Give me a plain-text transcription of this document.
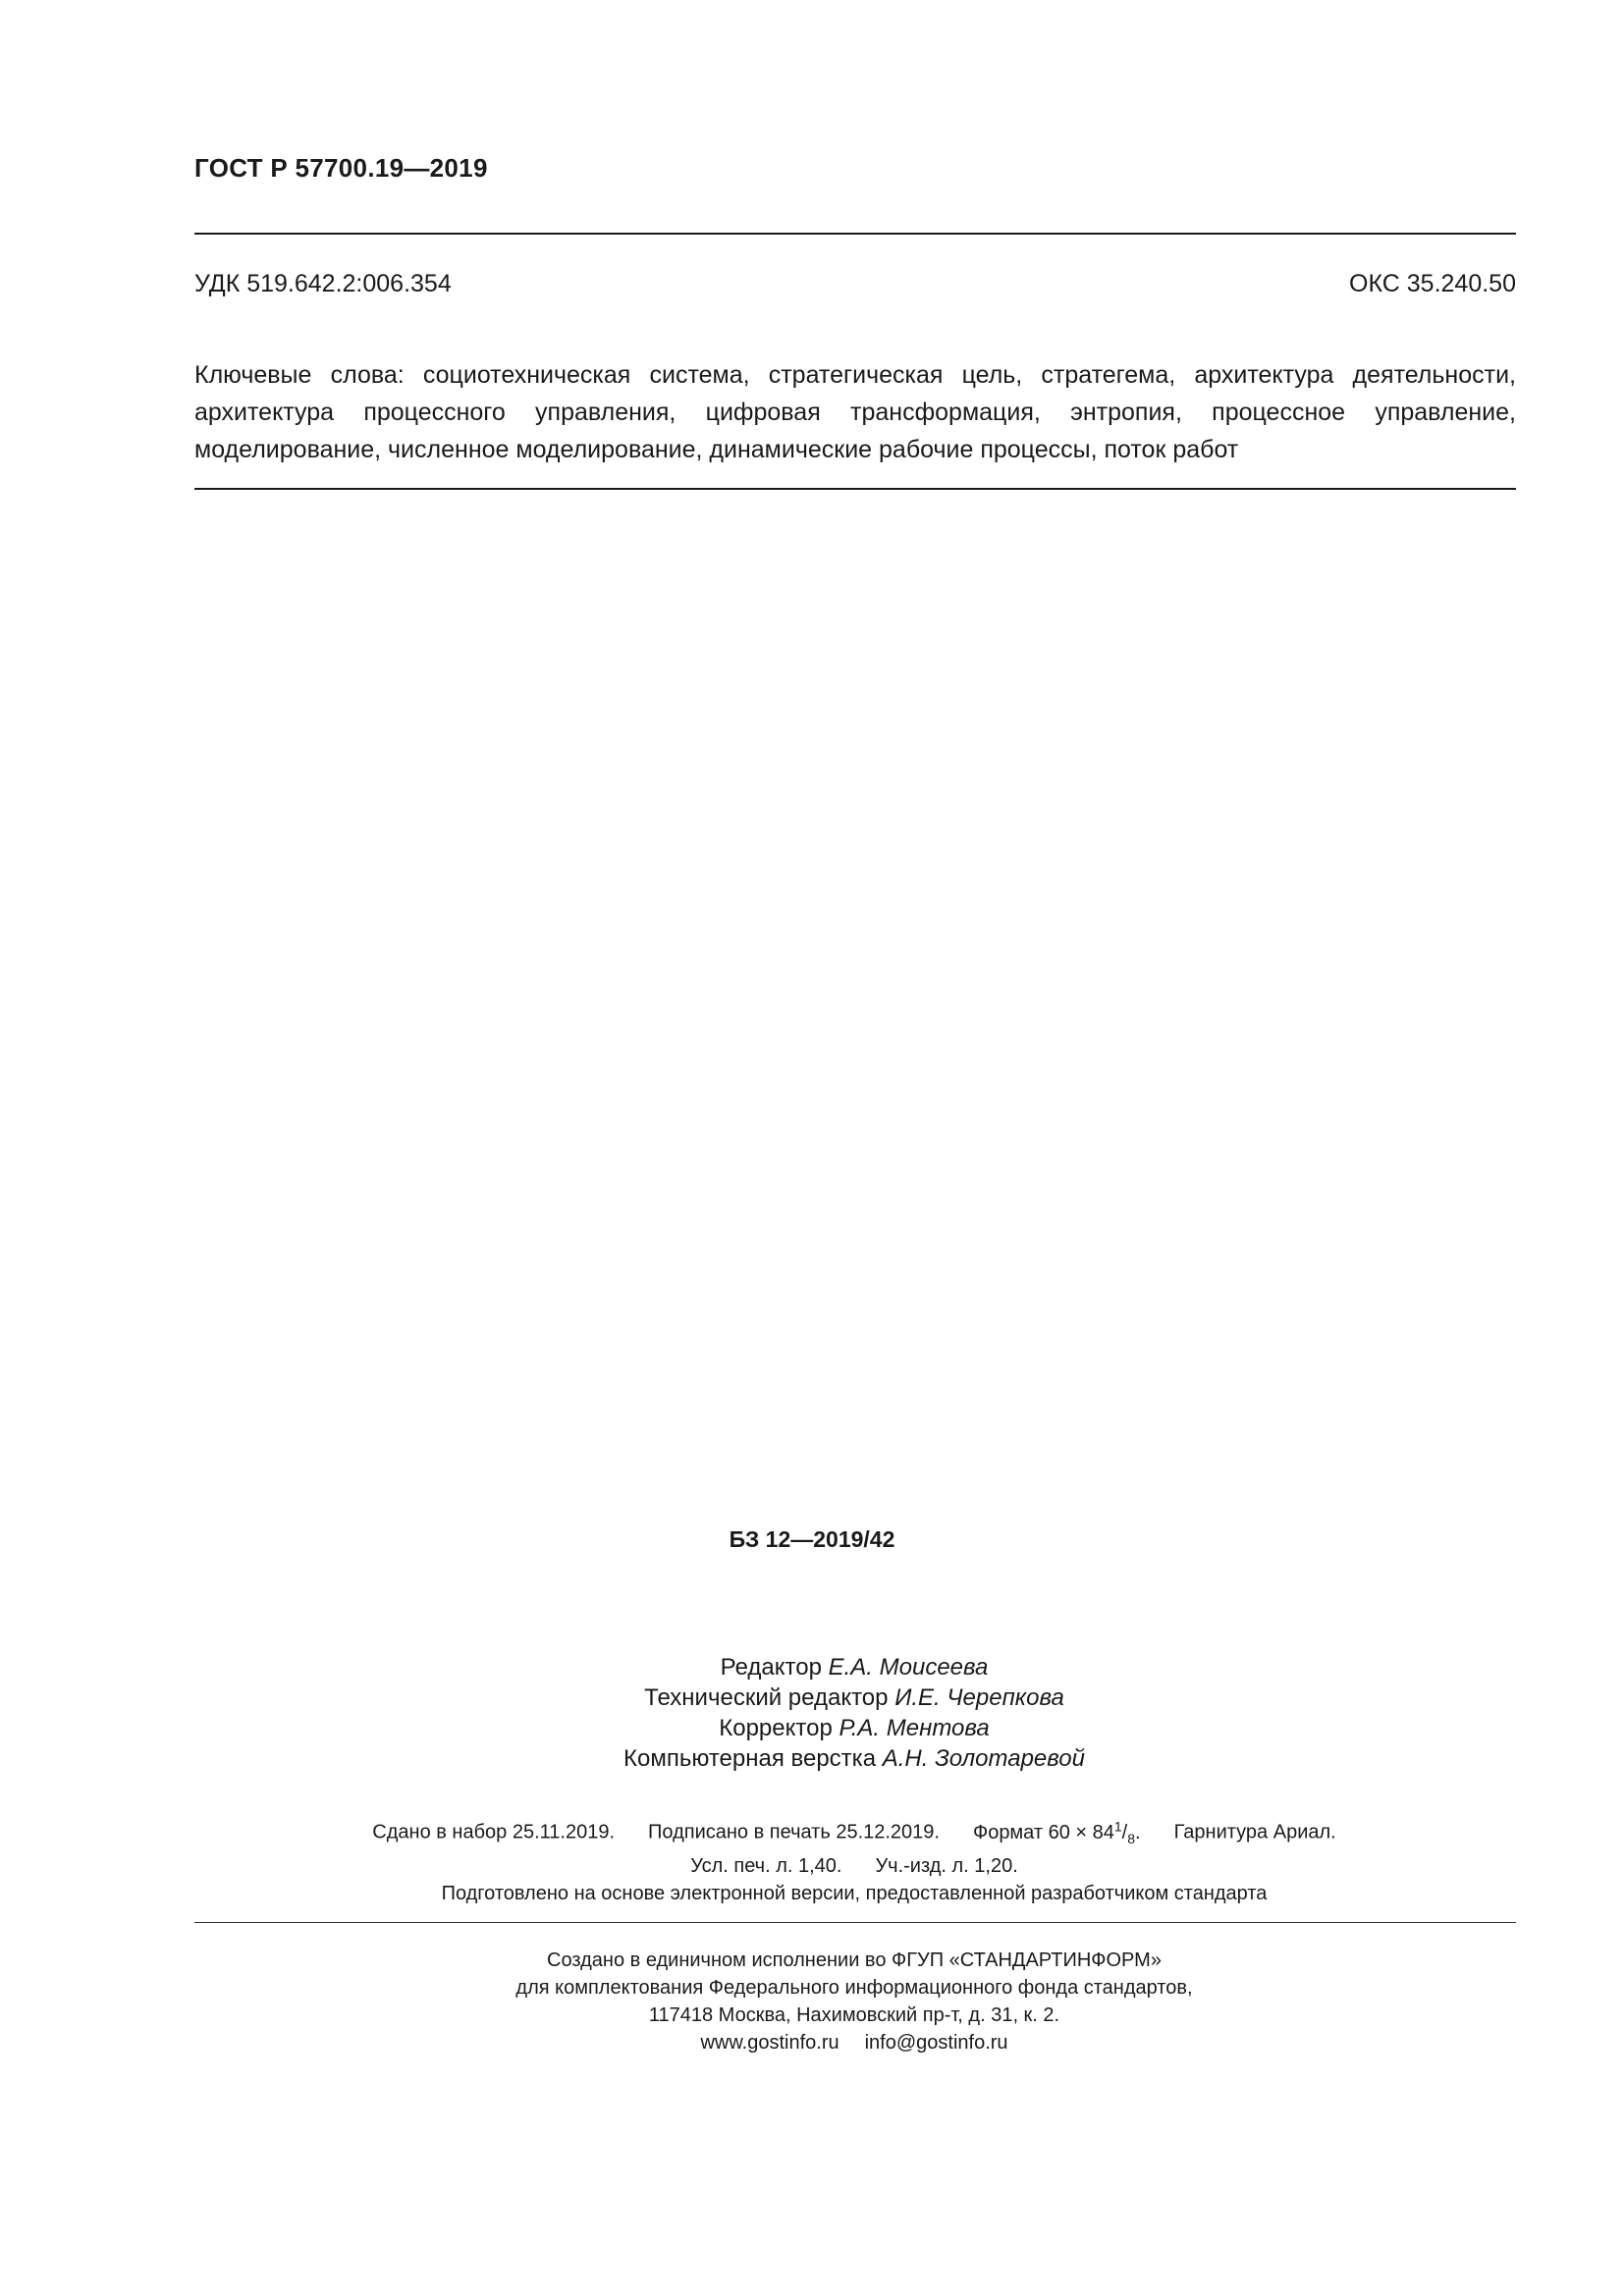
ГОСТ Р 57700.19—2019
УДК 519.642.2:006.354	ОКС 35.240.50
Ключевые слова: социотехническая система, стратегическая цель, стратегема, архитектура деятельности, архитектура процессного управления, цифровая трансформация, энтропия, процессное управление, моделирование, численное моделирование, динамические рабочие процессы, поток работ
БЗ 12—2019/42
Редактор Е.А. Моисеева
Технический редактор И.Е. Черепкова
Корректор Р.А. Ментова
Компьютерная верстка А.Н. Золотаревой
Сдано в набор 25.11.2019. Подписано в печать 25.12.2019. Формат $60 \times 84^1/_8$. Гарнитура Ариал.
Усл. печ. л. 1,40. Уч.-изд. л. 1,20.
Подготовлено на основе электронной версии, предоставленной разработчиком стандарта
Создано в единичном исполнении во ФГУП «СТАНДАРТИНФОРМ»
для комплектования Федерального информационного фонда стандартов,
117418 Москва, Нахимовский пр-т, д. 31, к. 2.
www.gostinfo.ru info@gostinfo.ru
